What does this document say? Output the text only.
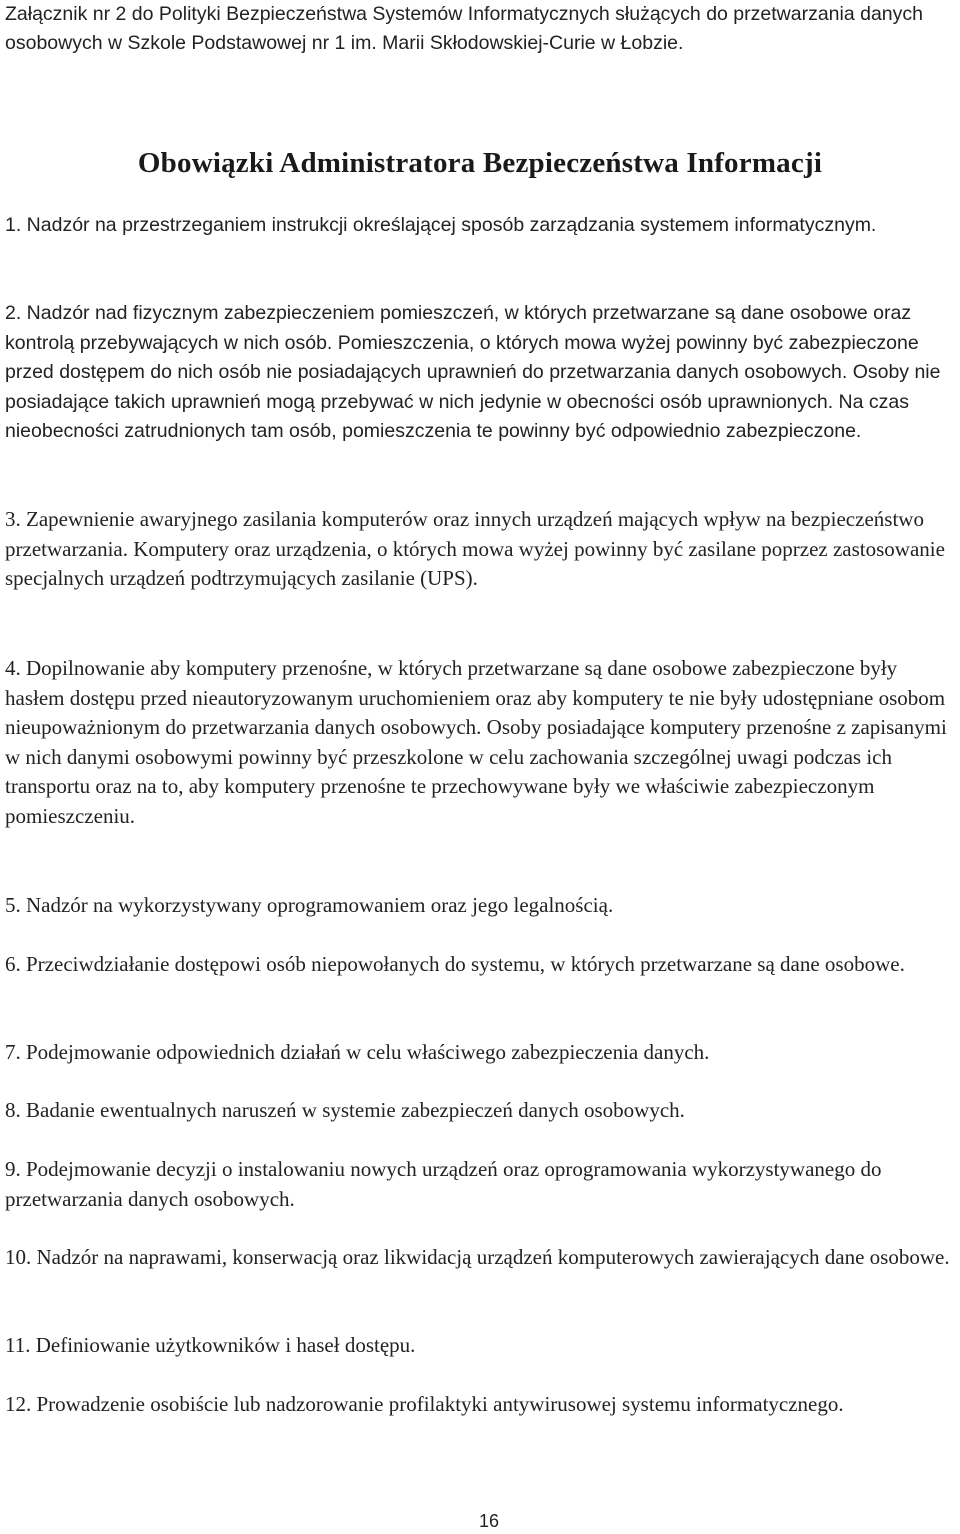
Załącznik nr 2 do Polityki Bezpieczeństwa Systemów Informatycznych służących do przetwarzania danych osobowych w Szkole Podstawowej nr 1 im. Marii Skłodowskiej-Curie w Łobzie.

Obowiązki Administratora Bezpieczeństwa Informacji

1. Nadzór na przestrzeganiem instrukcji określającej sposób zarządzania systemem informatycznym.

2. Nadzór nad fizycznym zabezpieczeniem pomieszczeń, w których przetwarzane są dane osobowe oraz kontrolą przebywających w nich osób. Pomieszczenia, o których mowa wyżej powinny być zabezpieczone przed dostępem do nich osób nie posiadających uprawnień do przetwarzania danych osobowych. Osoby nie posiadające takich uprawnień mogą przebywać w nich jedynie w obecności osób uprawnionych. Na czas nieobecności zatrudnionych tam osób, pomieszczenia te powinny być odpowiednio zabezpieczone.

3. Zapewnienie awaryjnego zasilania komputerów oraz innych urządzeń mających wpływ na bezpieczeństwo przetwarzania. Komputery oraz urządzenia, o których mowa wyżej powinny być zasilane poprzez zastosowanie specjalnych urządzeń podtrzymujących zasilanie (UPS).

4. Dopilnowanie aby komputery przenośne, w których przetwarzane są dane osobowe zabezpieczone były hasłem dostępu przed nieautoryzowanym uruchomieniem oraz aby komputery te nie były udostępniane osobom nieupoważnionym do przetwarzania danych osobowych. Osoby posiadające komputery przenośne z zapisanymi w nich danymi osobowymi powinny być przeszkolone w celu zachowania szczególnej uwagi podczas ich transportu oraz na to, aby komputery przenośne te przechowywane były we właściwie zabezpieczonym pomieszczeniu.

5. Nadzór na wykorzystywany oprogramowaniem oraz jego legalnością.

6. Przeciwdziałanie dostępowi osób niepowołanych do systemu, w których przetwarzane są dane osobowe.

7. Podejmowanie odpowiednich działań w celu właściwego zabezpieczenia danych.

8. Badanie ewentualnych naruszeń w systemie zabezpieczeń danych osobowych.

9. Podejmowanie decyzji o instalowaniu nowych urządzeń oraz oprogramowania wykorzystywanego do przetwarzania danych osobowych.

10. Nadzór na naprawami, konserwacją oraz likwidacją urządzeń komputerowych zawierających dane osobowe.

11. Definiowanie użytkowników i haseł dostępu.

12. Prowadzenie osobiście lub nadzorowanie profilaktyki antywirusowej systemu informatycznego.

16
